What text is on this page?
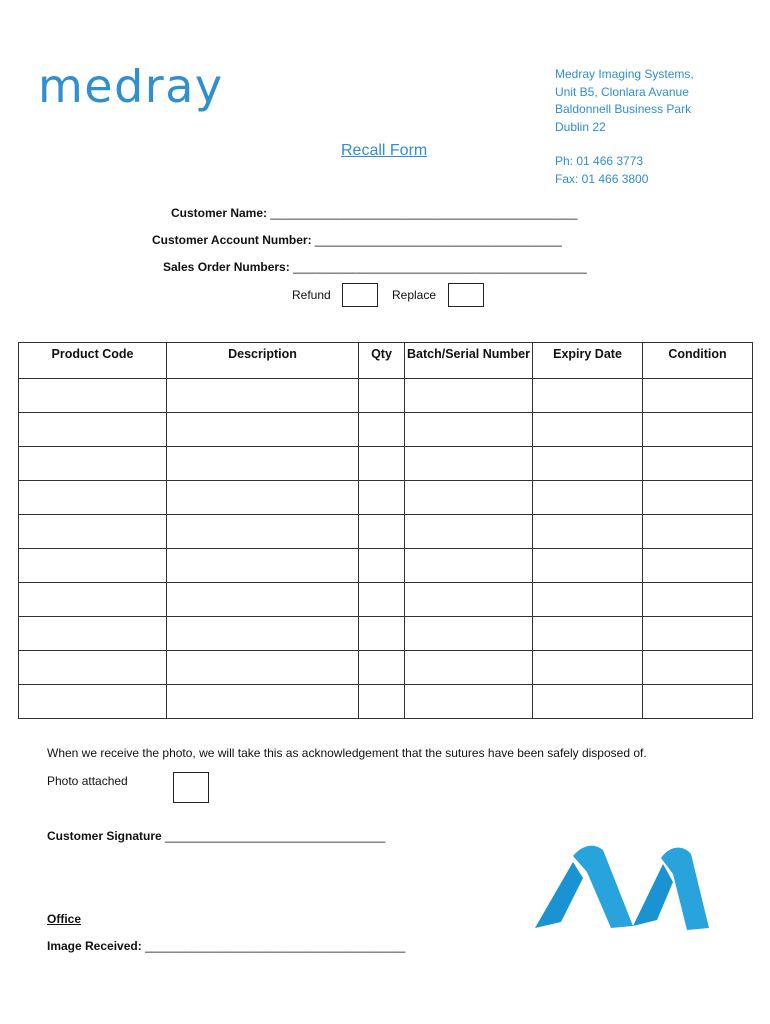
medray	Medray Imaging Systems,
Unit B5, Clonlara Avanue
Baldonnell Business Park
Dublin 22
Ph: 01 466 3773
Fax: 01 466 3800
Recall Form
Customer Name: ______________________________________________
Customer Account Number: _____________________________________
Sales Order Numbers: ____________________________________________
Refund	Replace
Product Code	Description	Qty	Batch/Serial Number	Expiry Date	Condition

When we receive the photo, we will take this as acknowledgement that the sutures have been safely disposed of.
Photo attached
Customer Signature _________________________________
Office
Image Received: _______________________________________
